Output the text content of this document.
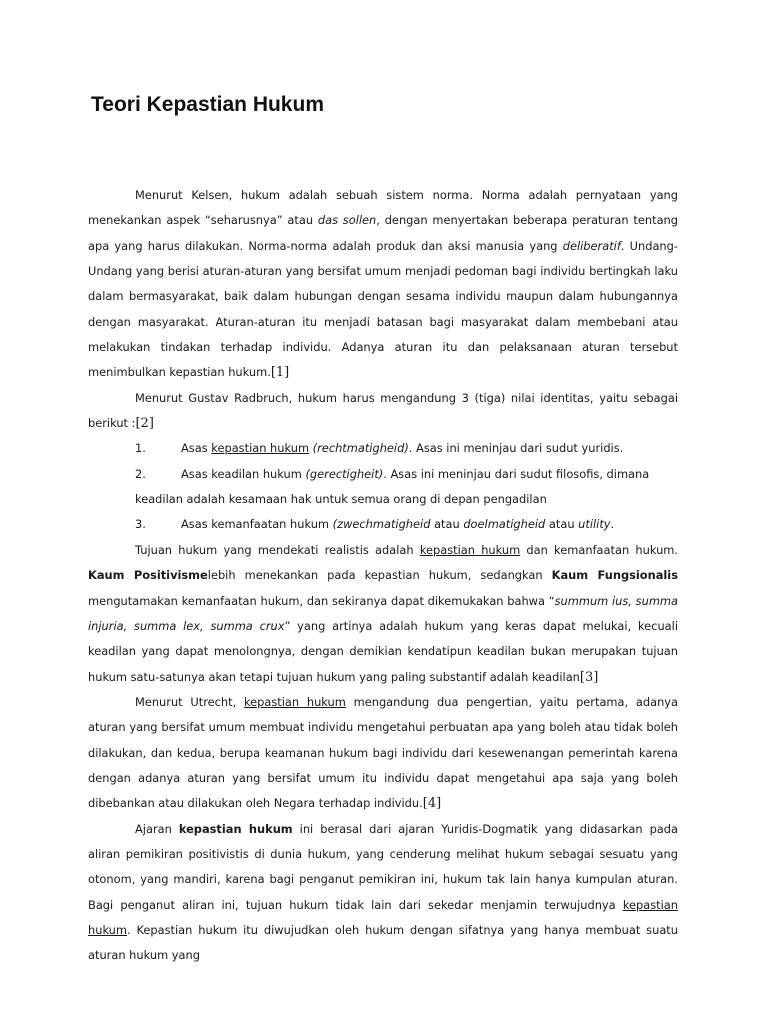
Teori Kepastian Hukum

Menurut Kelsen, hukum adalah sebuah sistem norma. Norma adalah pernyataan yang menekankan aspek “seharusnya” atau das sollen, dengan menyertakan beberapa peraturan tentang apa yang harus dilakukan. Norma-norma adalah produk dan aksi manusia yang deliberatif. Undang-Undang yang berisi aturan-aturan yang bersifat umum menjadi pedoman bagi individu bertingkah laku dalam bermasyarakat, baik dalam hubungan dengan sesama individu maupun dalam hubungannya dengan masyarakat. Aturan-aturan itu menjadi batasan bagi masyarakat dalam membebani atau melakukan tindakan terhadap individu. Adanya aturan itu dan pelaksanaan aturan tersebut menimbulkan kepastian hukum.[1]

Menurut Gustav Radbruch, hukum harus mengandung 3 (tiga) nilai identitas, yaitu sebagai berikut :[2]

1.	Asas kepastian hukum (rechtmatigheid). Asas ini meninjau dari sudut yuridis.

2.	Asas keadilan hukum (gerectigheit). Asas ini meninjau dari sudut filosofis, dimana

keadilan adalah kesamaan hak untuk semua orang di depan pengadilan

3.	Asas kemanfaatan hukum (zwechmatigheid atau doelmatigheid atau utility.

Tujuan hukum yang mendekati realistis adalah kepastian hukum dan kemanfaatan hukum. Kaum Positivismelebih menekankan pada kepastian hukum, sedangkan Kaum Fungsionalis mengutamakan kemanfaatan hukum, dan sekiranya dapat dikemukakan bahwa “summum ius, summa injuria, summa lex, summa crux” yang artinya adalah hukum yang keras dapat melukai, kecuali keadilan yang dapat menolongnya, dengan demikian kendatipun keadilan bukan merupakan tujuan hukum satu-satunya akan tetapi tujuan hukum yang paling substantif adalah keadilan[3]

Menurut Utrecht, kepastian hukum mengandung dua pengertian, yaitu pertama, adanya aturan yang bersifat umum membuat individu mengetahui perbuatan apa yang boleh atau tidak boleh dilakukan, dan kedua, berupa keamanan hukum bagi individu dari kesewenangan pemerintah karena dengan adanya aturan yang bersifat umum itu individu dapat mengetahui apa saja yang boleh dibebankan atau dilakukan oleh Negara terhadap individu.[4]

Ajaran kepastian hukum ini berasal dari ajaran Yuridis-Dogmatik yang didasarkan pada aliran pemikiran positivistis di dunia hukum, yang cenderung melihat hukum sebagai sesuatu yang otonom, yang mandiri, karena bagi penganut pemikiran ini, hukum tak lain hanya kumpulan aturan. Bagi penganut aliran ini, tujuan hukum tidak lain dari sekedar menjamin terwujudnya kepastian hukum. Kepastian hukum itu diwujudkan oleh hukum dengan sifatnya yang hanya membuat suatu aturan hukum yang
